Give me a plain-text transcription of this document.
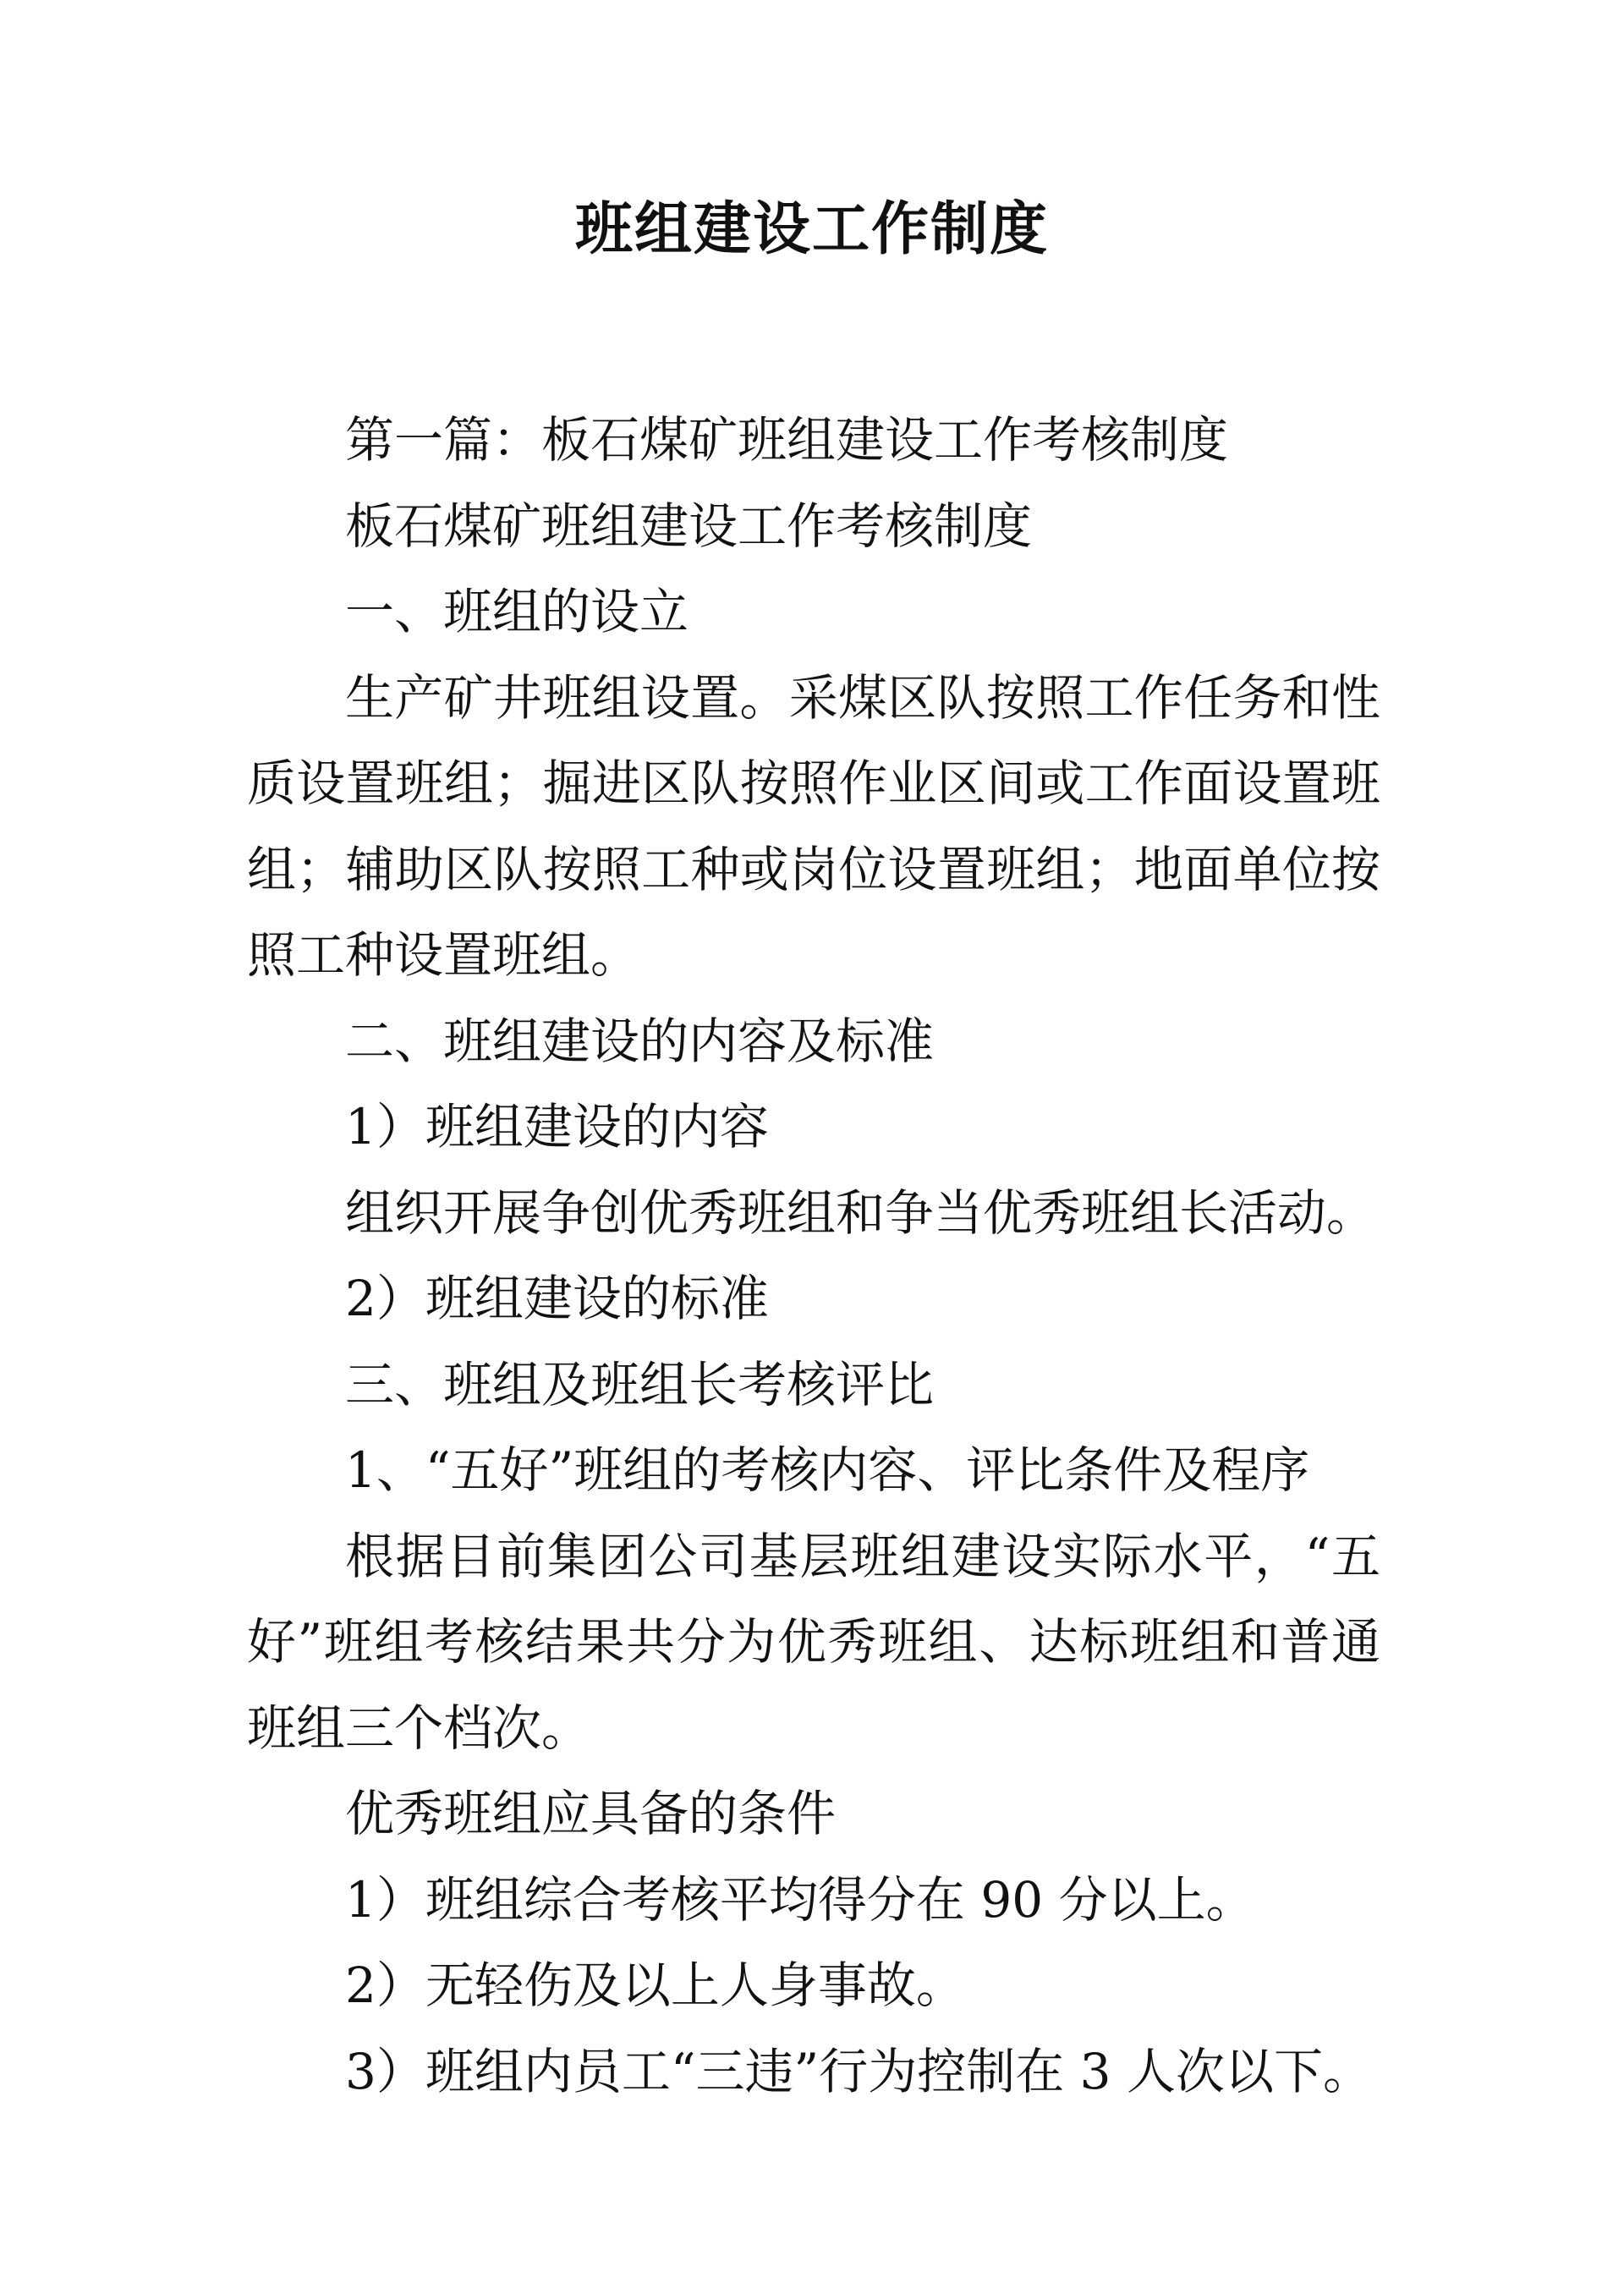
班组建设工作制度

第一篇：板石煤矿班组建设工作考核制度

板石煤矿班组建设工作考核制度

一、班组的设立

生产矿井班组设置。采煤区队按照工作任务和性质设置班组；掘进区队按照作业区间或工作面设置班组；辅助区队按照工种或岗位设置班组；地面单位按照工种设置班组。

二、班组建设的内容及标准

1）班组建设的内容

组织开展争创优秀班组和争当优秀班组长活动。

2）班组建设的标准

三、班组及班组长考核评比

1、“五好”班组的考核内容、评比条件及程序

根据目前集团公司基层班组建设实际水平，“五好”班组考核结果共分为优秀班组、达标班组和普通班组三个档次。

优秀班组应具备的条件

1）班组综合考核平均得分在 90 分以上。

2）无轻伤及以上人身事故。

3）班组内员工“三违”行为控制在 3 人次以下。
